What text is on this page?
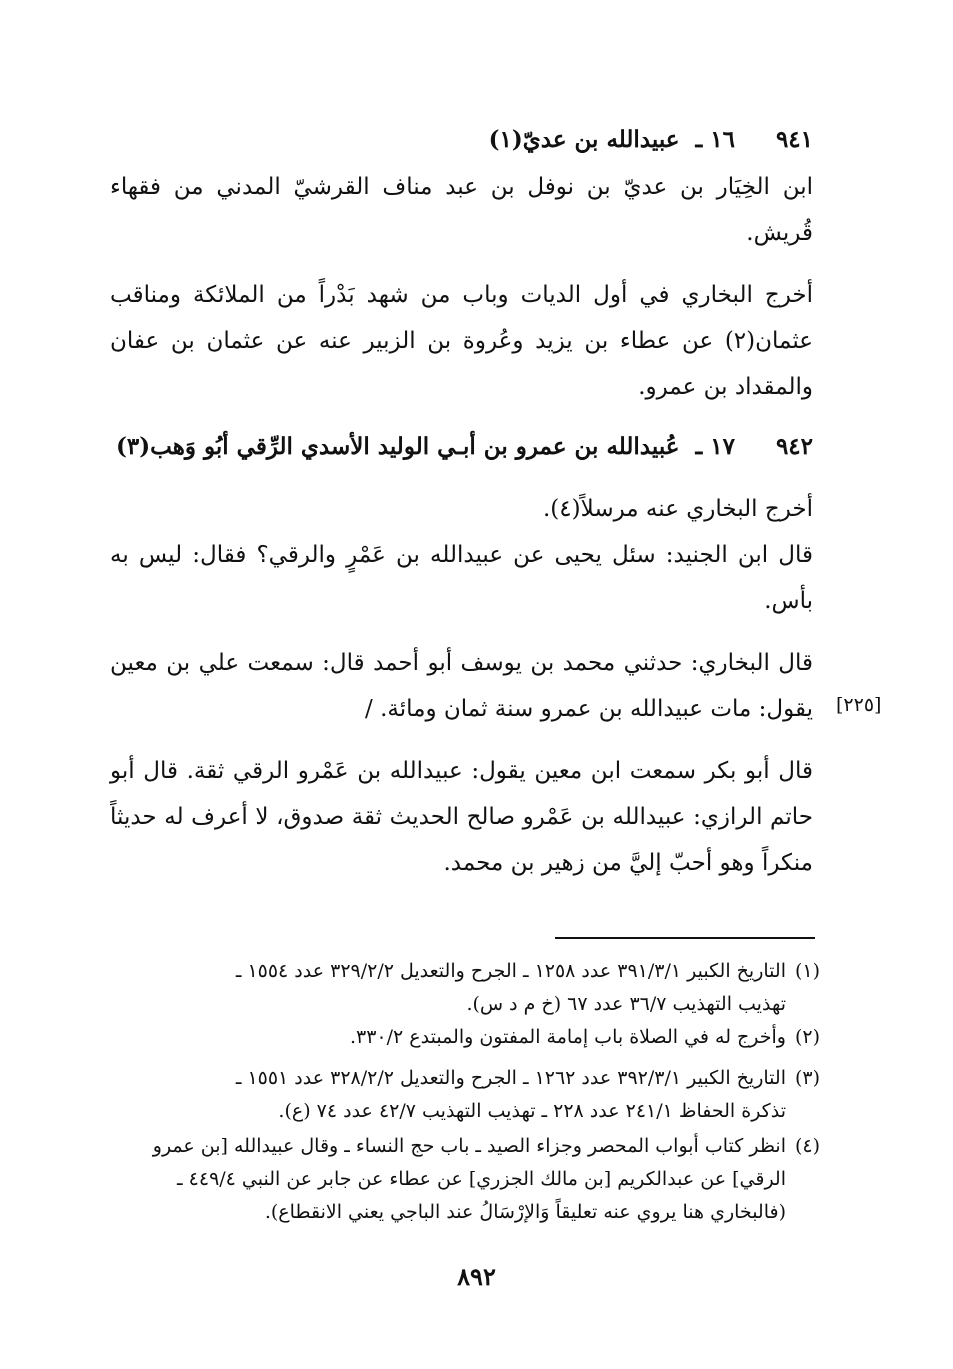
٩٤١ ١٦ ـ عبيدالله بن عديّ(١)

ابن الخِيَار بن عديّ بن نوفل بن عبد مناف القرشيّ المدني من فقهاء قُريش.

أخرج البخاري في أول الديات وباب من شهد بَدْراً من الملائكة ومناقب عثمان(٢) عن عطاء بن يزيد وعُروة بن الزبير عنه عن عثمان بن عفان والمقداد بن عمرو.

٩٤٢ ١٧ ـ عُبيدالله بن عمرو بن أبـي الوليد الأسدي الرِّقي أبُو وَهب(٣)

أخرج البخاري عنه مرسلاً(٤).

قال ابن الجنيد: سئل يحيى عن عبيدالله بن عَمْرٍ والرقي؟ فقال: ليس به بأس.

قال البخاري: حدثني محمد بن يوسف أبو أحمد قال: سمعت علي بن معين يقول: مات عبيدالله بن عمرو سنة ثمان ومائة. / [٢٢٥]

قال أبو بكر سمعت ابن معين يقول: عبيدالله بن عَمْرو الرقي ثقة. قال أبو حاتم الرازي: عبيدالله بن عَمْرو صالح الحديث ثقة صدوق، لا أعرف له حديثاً منكراً وهو أحبّ إليَّ من زهير بن محمد.

(١)التاريخ الكبير ٣٩١/٣/١ عدد ١٢٥٨ ـ الجرح والتعديل ٣٢٩/٢/٢ عدد ١٥٥٤ ـ
تهذيب التهذيب ٣٦/٧ عدد ٦٧ (خ م د س).
(٢)وأخرج له في الصلاة باب إمامة المفتون والمبتدع ٣٣٠/٢.
(٣)التاريخ الكبير ٣٩٢/٣/١ عدد ١٢٦٢ ـ الجرح والتعديل ٣٢٨/٢/٢ عدد ١٥٥١ ـ
تذكرة الحفاظ ٢٤١/١ عدد ٢٢٨ ـ تهذيب التهذيب ٤٢/٧ عدد ٧٤ (ع).
(٤)انظر كتاب أبواب المحصر وجزاء الصيد ـ باب حج النساء ـ وقال عبيدالله [بن عمرو
الرقي] عن عبدالكريم [بن مالك الجزري] عن عطاء عن جابر عن النبي ٤٤٩/٤ ـ
(فالبخاري هنا يروي عنه تعليقاً وَالإرْسَالُ عند الباجي يعني الانقطاع).
٨٩٢
